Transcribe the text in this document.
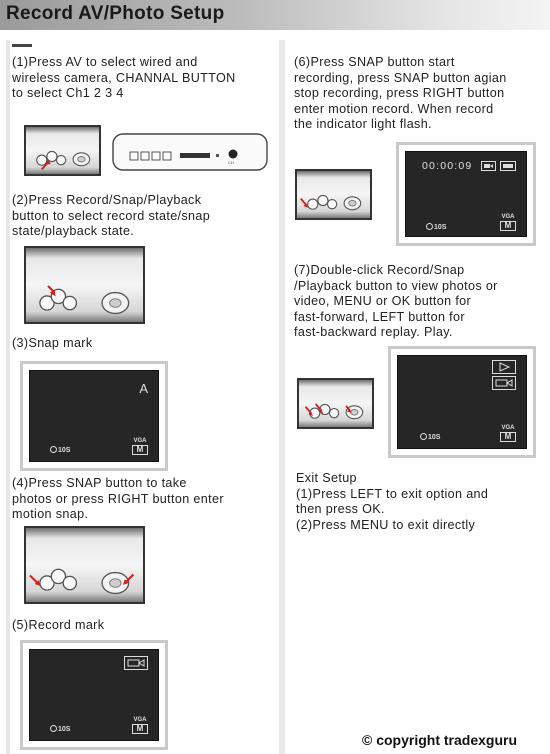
Record AV/Photo Setup
(1)Press AV to select wired and
wireless camera, CHANNAL BUTTON
to select Ch1 2 3 4
CH
(2)Press Record/Snap/Playback
button to select record state/snap
state/playback state.
(3)Snap mark
A
10S
VGA
M
(4)Press SNAP button to take
photos or press RIGHT button enter
motion snap.
(5)Record mark
10S
VGA
M
(6)Press SNAP button start
recording, press SNAP button agian
stop recording, press RIGHT button
enter motion record. When record
the indicator light flash.
00:00:09
10S
VGA
M
(7)Double-click Record/Snap
/Playback button to view photos or
video, MENU or OK button for
fast-forward, LEFT button for
fast-backward replay. Play.
10S
VGA
M
Exit Setup
(1)Press LEFT to exit option and
then press OK.
(2)Press MENU to exit directly
© copyright tradexguru
